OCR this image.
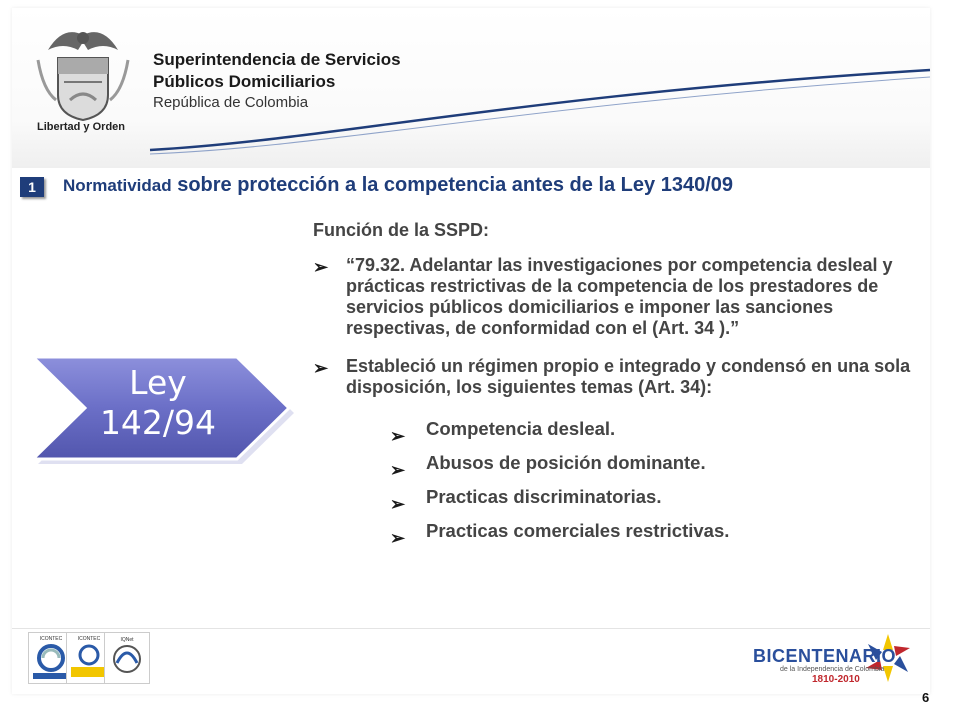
Libertad y Orden
Superintendencia de Servicios
Públicos Domiciliarios
República de Colombia
1	Normatividad sobre protección a la competencia antes de la Ley 1340/09
Ley
142/94
Función de la SSPD:
➢ “79.32. Adelantar las investigaciones por competencia desleal y prácticas restrictivas de la competencia de los prestadores de servicios públicos domiciliarios e imponer las sanciones respectivas, de conformidad con el (Art. 34 ).”
➢ Estableció un régimen propio e integrado y condensó en una sola disposición, los siguientes temas (Art. 34):
➢ Competencia desleal.
➢ Abusos de posición dominante.
➢ Practicas discriminatorias.
➢ Practicas comerciales restrictivas.
ICONTEC	ICONTEC	IQNet
BICENTENARIO
de la Independencia de Colombia
1810-2010
6
